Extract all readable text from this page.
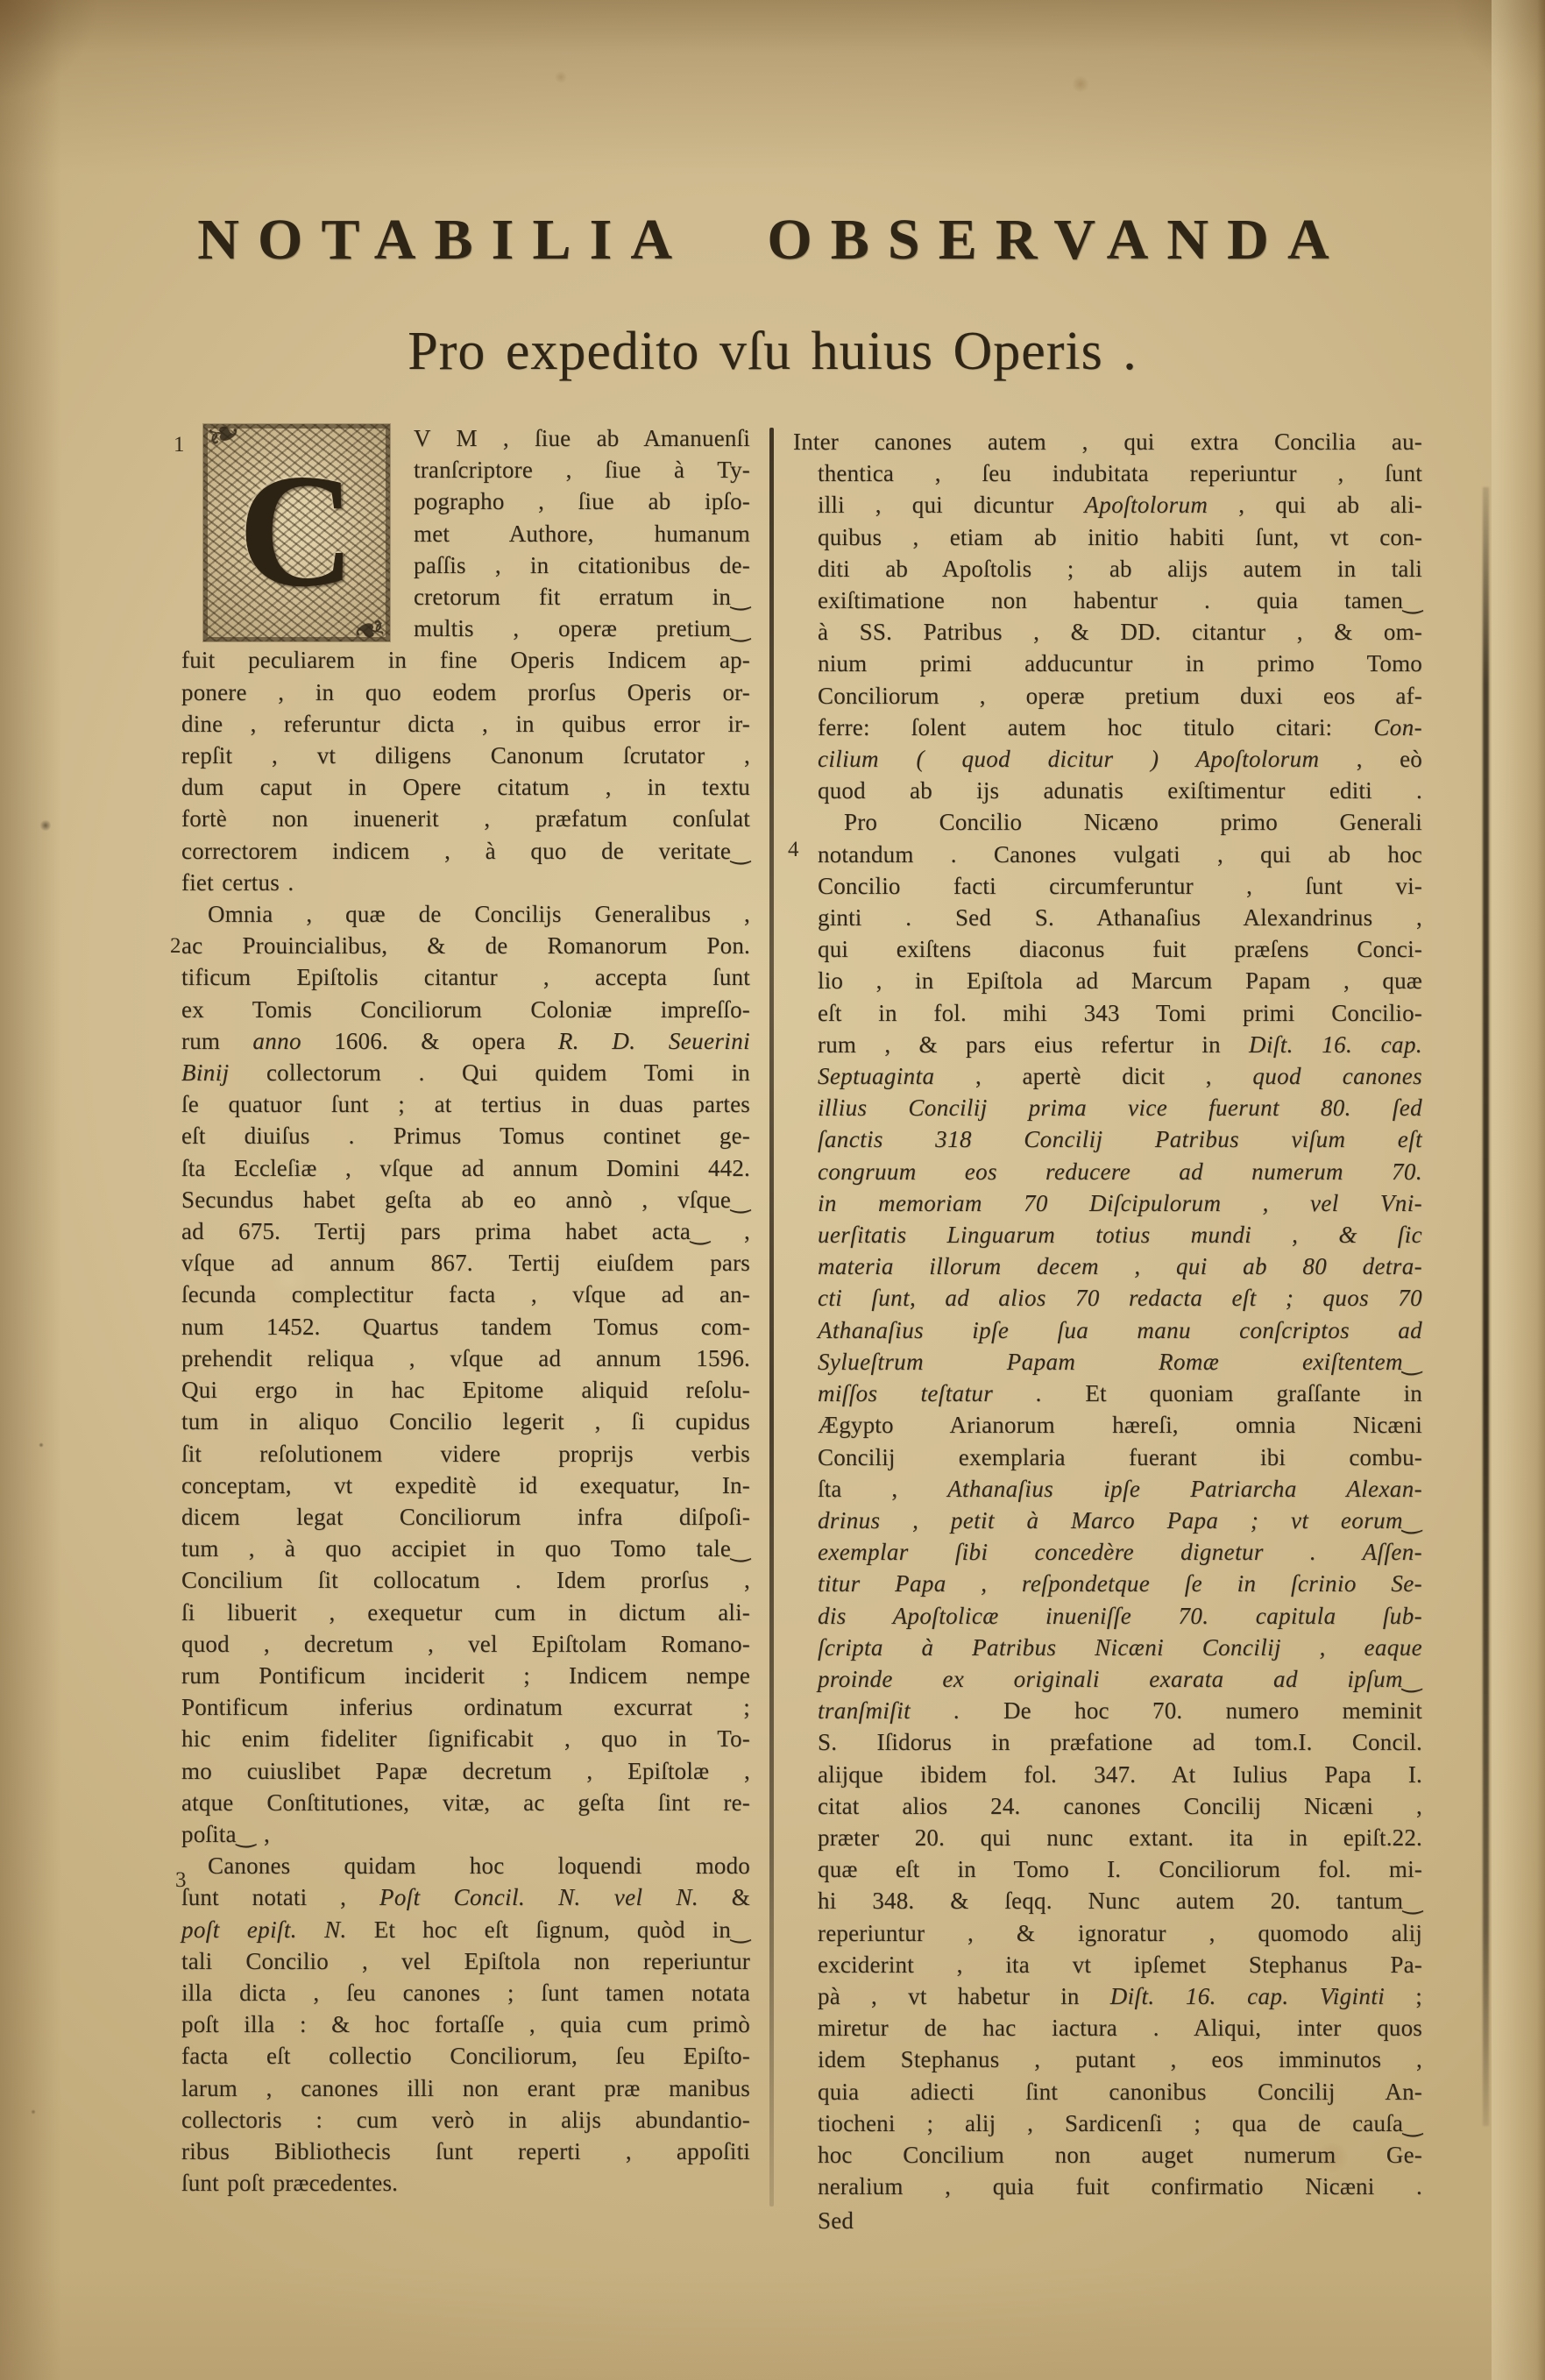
NOTABILIA  OBSERVANDA
Pro expedito vſu huius Operis .
❧
❧
C
V M , ſiue ab Amanuenſi
tranſcriptore , ſiue à Ty-
pographo , ſiue ab ipſo-
met Authore, humanum
paſſis , in citationibus de-
cretorum fit erratum in‿
multis , operæ pretium‿
fuit peculiarem in fine Operis Indicem ap-
ponere , in quo eodem prorſus Operis or-
dine , referuntur dicta , in quibus error ir-
repſit , vt diligens Canonum ſcrutator ,
dum caput in Opere citatum , in textu
fortè non inuenerit , præfatum conſulat
correctorem indicem , à quo de veritate‿
fiet certus .
Omnia , quæ de Concilijs Generalibus ,
ac Prouincialibus, & de Romanorum Pon.
tificum Epiſtolis citantur , accepta ſunt
ex Tomis Conciliorum Coloniæ impreſſo-
rum anno 1606. & opera R. D. Seuerini
Binij collectorum . Qui quidem Tomi in
ſe quatuor ſunt ; at tertius in duas partes
eſt diuiſus . Primus Tomus continet ge-
ſta Eccleſiæ , vſque ad annum Domini 442.
Secundus habet geſta ab eo annò , vſque‿
ad 675. Tertij pars prima habet acta‿ ,
vſque ad annum 867. Tertij eiuſdem pars
ſecunda complectitur facta , vſque ad an-
num 1452. Quartus tandem Tomus com-
prehendit reliqua , vſque ad annum 1596.
Qui ergo in hac Epitome aliquid reſolu-
tum in aliquo Concilio legerit , ſi cupidus
ſit reſolutionem videre proprijs verbis
conceptam, vt expeditè id exequatur, In-
dicem legat Conciliorum infra diſpoſi-
tum , à quo accipiet in quo Tomo tale‿
Concilium ſit collocatum . Idem prorſus ,
ſi libuerit , exequetur cum in dictum ali-
quod , decretum , vel Epiſtolam Romano-
rum Pontificum inciderit ; Indicem nempe
Pontificum inferius ordinatum excurrat ;
hic enim fideliter ſignificabit , quo in To-
mo cuiuslibet Papæ decretum , Epiſtolæ ,
atque Conſtitutiones, vitæ, ac geſta ſint re-
poſita‿ ,
Canones quidam hoc loquendi modo
ſunt notati , Poſt Concil. N. vel N. &
poſt epiſt. N. Et hoc eſt ſignum, quòd in‿
tali Concilio , vel Epiſtola non reperiuntur
illa dicta , ſeu canones ; ſunt tamen notata
poſt illa : & hoc fortaſſe , quia cum primò
facta eſt collectio Conciliorum, ſeu Epiſto-
larum , canones illi non erant præ manibus
collectoris : cum verò in alijs abundantio-
ribus Bibliothecis ſunt reperti , appoſiti
ſunt poſt præcedentes.
Inter canones autem , qui extra Concilia au-
thentica , ſeu indubitata reperiuntur , ſunt
illi , qui dicuntur Apoſtolorum , qui ab ali-
quibus , etiam ab initio habiti ſunt, vt con-
diti ab Apoſtolis ; ab alijs autem in tali
exiſtimatione non habentur . quia tamen‿
à SS. Patribus , & DD. citantur , & om-
nium primi adducuntur in primo Tomo
Conciliorum , operæ pretium duxi eos af-
ferre: ſolent autem hoc titulo citari: Con-
cilium ( quod dicitur ) Apoſtolorum , eò
quod ab ijs adunatis exiſtimentur editi .
Pro Concilio Nicæno primo Generali
notandum . Canones vulgati , qui ab hoc
Concilio facti circumferuntur , ſunt vi-
ginti . Sed S. Athanaſius Alexandrinus ,
qui exiſtens diaconus fuit præſens Conci-
lio , in Epiſtola ad Marcum Papam , quæ
eſt in fol. mihi 343 Tomi primi Concilio-
rum , & pars eius refertur in Diſt. 16. cap.
Septuaginta , apertè dicit , quod canones
illius Concilij prima vice fuerunt 80. ſed
ſanctis 318 Concilij Patribus viſum eſt
congruum eos reducere ad numerum 70.
in memoriam 70 Diſcipulorum , vel Vni-
uerſitatis Linguarum totius mundi , & ſic
materia illorum decem , qui ab 80 detra-
cti ſunt, ad alios 70 redacta eſt ; quos 70
Athanaſius ipſe ſua manu conſcriptos ad
Sylueſtrum Papam Romæ exiſtentem‿
miſſos teſtatur . Et quoniam graſſante in
Ægypto Arianorum hæreſi, omnia Nicæni
Concilij exemplaria fuerant ibi combu-
ſta , Athanaſius ipſe Patriarcha Alexan-
drinus , petit à Marco Papa ; vt eorum‿
exemplar ſibi concedère dignetur . Aſſen-
titur Papa , reſpondetque ſe in ſcrinio Se-
dis Apoſtolicæ inueniſſe 70. capitula ſub-
ſcripta à Patribus Nicæni Concilij , eaque
proinde ex originali exarata ad ipſum‿
tranſmiſit . De hoc 70. numero meminit
S. Iſidorus in præfatione ad tom.I. Concil.
alijque ibidem fol. 347. At Iulius Papa I.
citat alios 24. canones Concilij Nicæni ,
præter 20. qui nunc extant. ita in epiſt.22.
quæ eſt in Tomo I. Conciliorum fol. mi-
hi 348. & ſeqq. Nunc autem 20. tantum‿
reperiuntur , & ignoratur , quomodo alij
exciderint , ita vt ipſemet Stephanus Pa-
pà , vt habetur in Diſt. 16. cap. Viginti ;
miretur de hac iactura . Aliqui, inter quos
idem Stephanus , putant , eos imminutos ,
quia adiecti ſint canonibus Concilij An-
tiocheni ; alij , Sardicenſi ; qua de cauſa‿
hoc Concilium non auget numerum Ge-
neralium , quia fuit confirmatio Nicæni .
Sed
1
2
3
4
